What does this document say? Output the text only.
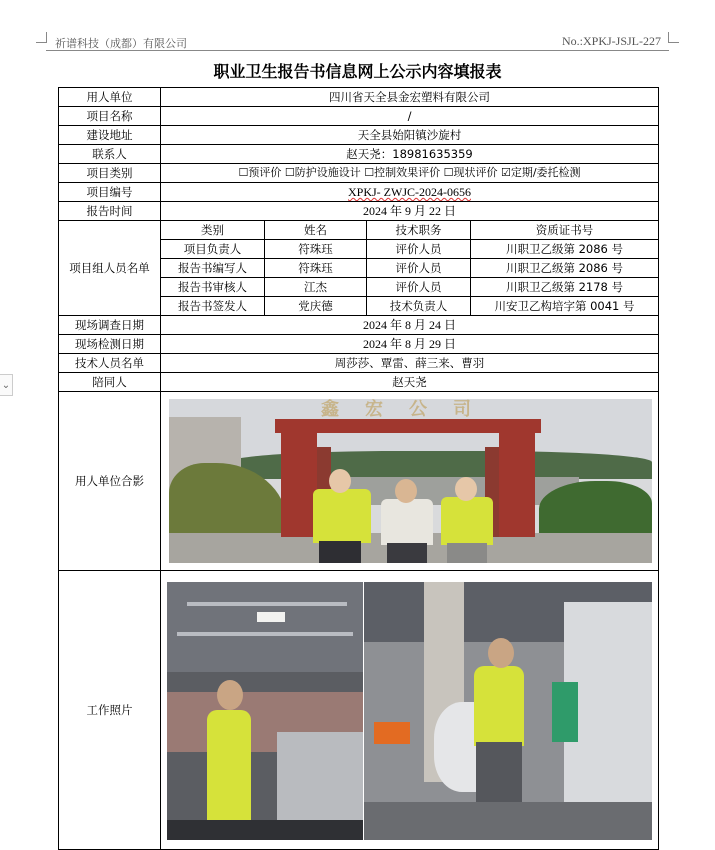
祈谱科技（成都）有限公司	No.:XPKJ-JSJL-227
⌄
职业卫生报告书信息网上公示内容填报表
用人单位	四川省天全县金宏塑料有限公司			
项目名称	/			
建设地址	天全县始阳镇沙旋村			
联系人	赵天尧：18981635359			
项目类别	☐预评价 ☐防护设施设计 ☐控制效果评价 ☐现状评价 ☑定期/委托检测			
项目编号	XPKJ- ZWJC-2024-0656			
报告时间	2024 年 9 月 22 日			
项目组人员名单	类别	姓名	技术职务	资质证书号
	项目负责人	符珠珏	评价人员	川职卫乙级第 2086 号
	报告书编写人	符珠珏	评价人员	川职卫乙级第 2086 号
	报告书审核人	江杰	评价人员	川职卫乙级第 2178 号
	报告书签发人	党庆德	技术负责人	川安卫乙构培字第 0041 号
现场调查日期	2024 年 8 月 24 日			
现场检测日期	2024 年 8 月 29 日			
技术人员名单	周莎莎、覃雷、薛三来、曹羽			
陪同人	赵天尧			
用人单位合影	鑫宏公司			

工作照片				
